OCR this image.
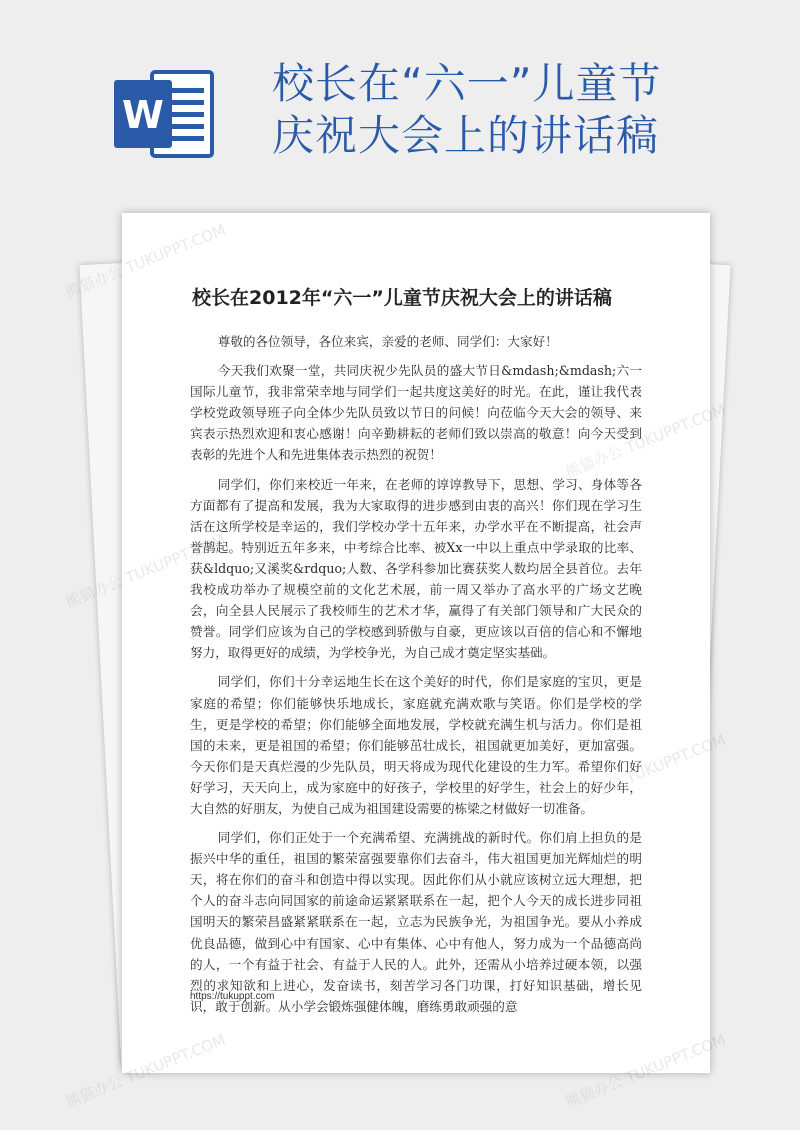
W
校长在“六一”儿童节
庆祝大会上的讲话稿
校长在2012年“六一”儿童节庆祝大会上的讲话稿

尊敬的各位领导，各位来宾，亲爱的老师、同学们：大家好！

今天我们欢聚一堂，共同庆祝少先队员的盛大节日&mdash;&mdash;六一国际儿童节，我非常荣幸地与同学们一起共度这美好的时光。在此，谨让我代表学校党政领导班子向全体少先队员致以节日的问候！向莅临今天大会的领导、来宾表示热烈欢迎和衷心感谢！向辛勤耕耘的老师们致以崇高的敬意！向今天受到表彰的先进个人和先进集体表示热烈的祝贺！

同学们，你们来校近一年来，在老师的谆谆教导下，思想、学习、身体等各方面都有了提高和发展，我为大家取得的进步感到由衷的高兴！你们现在学习生活在这所学校是幸运的，我们学校办学十五年来，办学水平在不断提高，社会声誉鹊起。特别近五年多来，中考综合比率、被Xx一中以上重点中学录取的比率、获&ldquo;又溪奖&rdquo;人数、各学科参加比赛获奖人数均居全县首位。去年我校成功举办了规模空前的文化艺术展，前一周又举办了高水平的广场文艺晚会，向全县人民展示了我校师生的艺术才华，赢得了有关部门领导和广大民众的赞誉。同学们应该为自己的学校感到骄傲与自豪，更应该以百倍的信心和不懈地努力，取得更好的成绩，为学校争光，为自己成才奠定坚实基础。

同学们，你们十分幸运地生长在这个美好的时代，你们是家庭的宝贝，更是家庭的希望；你们能够快乐地成长，家庭就充满欢歌与笑语。你们是学校的学生，更是学校的希望；你们能够全面地发展，学校就充满生机与活力。你们是祖国的未来，更是祖国的希望；你们能够茁壮成长，祖国就更加美好，更加富强。今天你们是天真烂漫的少先队员，明天将成为现代化建设的生力军。希望你们好好学习，天天向上，成为家庭中的好孩子，学校里的好学生，社会上的好少年，大自然的好朋友，为使自己成为祖国建设需要的栋梁之材做好一切准备。

同学们，你们正处于一个充满希望、充满挑战的新时代。你们肩上担负的是振兴中华的重任，祖国的繁荣富强要靠你们去奋斗，伟大祖国更加光辉灿烂的明天，将在你们的奋斗和创造中得以实现。因此你们从小就应该树立远大理想，把个人的奋斗志向同国家的前途命运紧紧联系在一起，把个人今天的成长进步同祖国明天的繁荣昌盛紧紧联系在一起，立志为民族争光，为祖国争光。要从小养成优良品德，做到心中有国家、心中有集体、心中有他人，努力成为一个品德高尚的人，一个有益于社会、有益于人民的人。此外，还需从小培养过硬本领，以强烈的求知欲和上进心，发奋读书，刻苦学习各门功课，打好知识基础，增长见识，敢于创新。从小学会锻炼强健体魄，磨练勇敢顽强的意

https://tukuppt.com
熊猫办公
熊猫办公	熊猫办公
